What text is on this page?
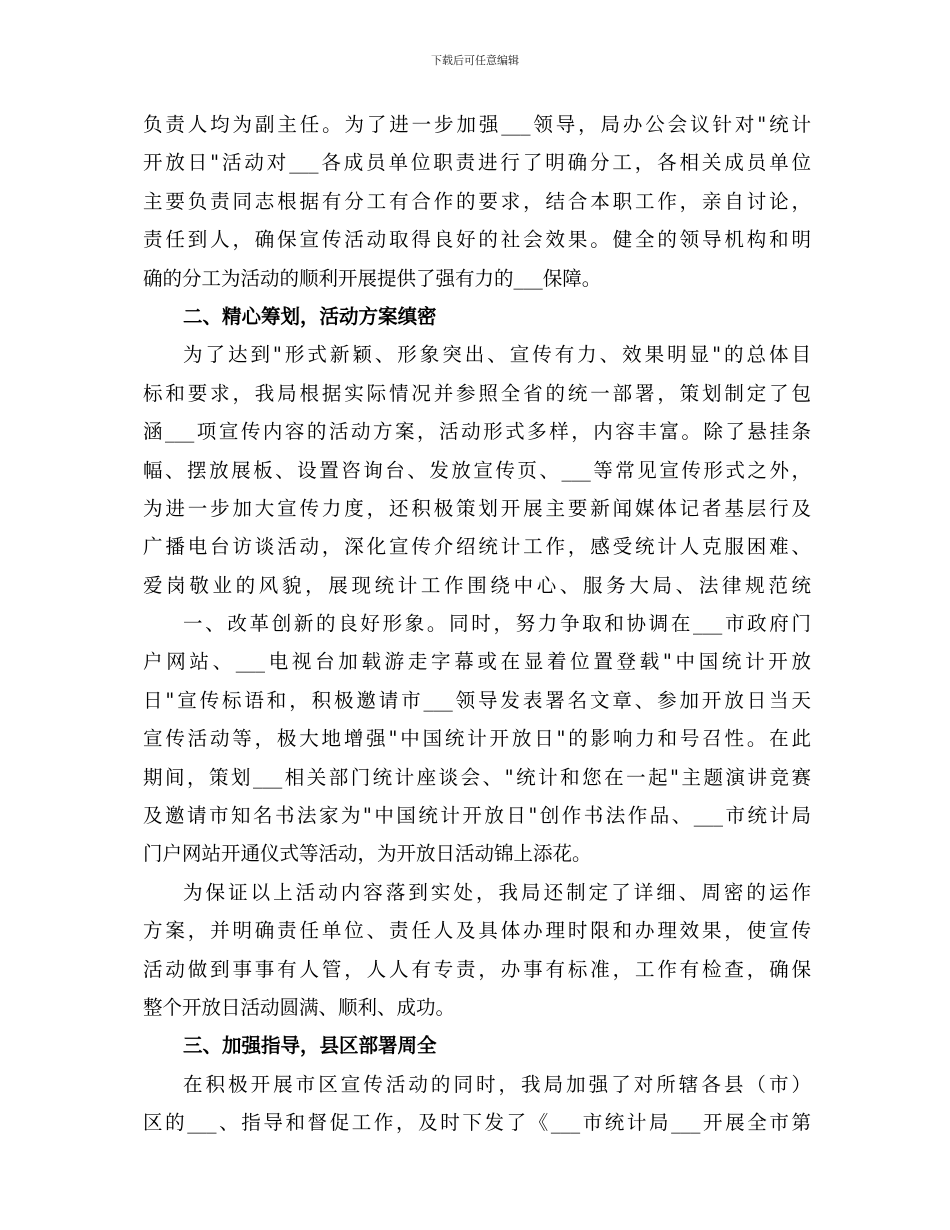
下载后可任意编辑
负责人均为副主任。为了进一步加强___领导，局办公会议针对"统计
开放日"活动对___各成员单位职责进行了明确分工，各相关成员单位
主要负责同志根据有分工有合作的要求，结合本职工作，亲自讨论，
责任到人，确保宣传活动取得良好的社会效果。健全的领导机构和明
确的分工为活动的顺利开展提供了强有力的___保障。
二、精心筹划，活动方案缜密
为了达到"形式新颖、形象突出、宣传有力、效果明显"的总体目
标和要求，我局根据实际情况并参照全省的统一部署，策划制定了包
涵___项宣传内容的活动方案，活动形式多样，内容丰富。除了悬挂条
幅、摆放展板、设置咨询台、发放宣传页、___等常见宣传形式之外，
为进一步加大宣传力度，还积极策划开展主要新闻媒体记者基层行及
广播电台访谈活动，深化宣传介绍统计工作，感受统计人克服困难、
爱岗敬业的风貌，展现统计工作围绕中心、服务大局、法律规范统
一、改革创新的良好形象。同时，努力争取和协调在___市政府门
户网站、___电视台加载游走字幕或在显着位置登载"中国统计开放
日"宣传标语和，积极邀请市___领导发表署名文章、参加开放日当天
宣传活动等，极大地增强"中国统计开放日"的影响力和号召性。在此
期间，策划___相关部门统计座谈会、"统计和您在一起"主题演讲竞赛
及邀请市知名书法家为"中国统计开放日"创作书法作品、___市统计局
门户网站开通仪式等活动，为开放日活动锦上添花。
为保证以上活动内容落到实处，我局还制定了详细、周密的运作
方案，并明确责任单位、责任人及具体办理时限和办理效果，使宣传
活动做到事事有人管，人人有专责，办事有标准，工作有检查，确保
整个开放日活动圆满、顺利、成功。
三、加强指导，县区部署周全
在积极开展市区宣传活动的同时，我局加强了对所辖各县（市）
区的___、指导和督促工作，及时下发了《___市统计局___开展全市第
